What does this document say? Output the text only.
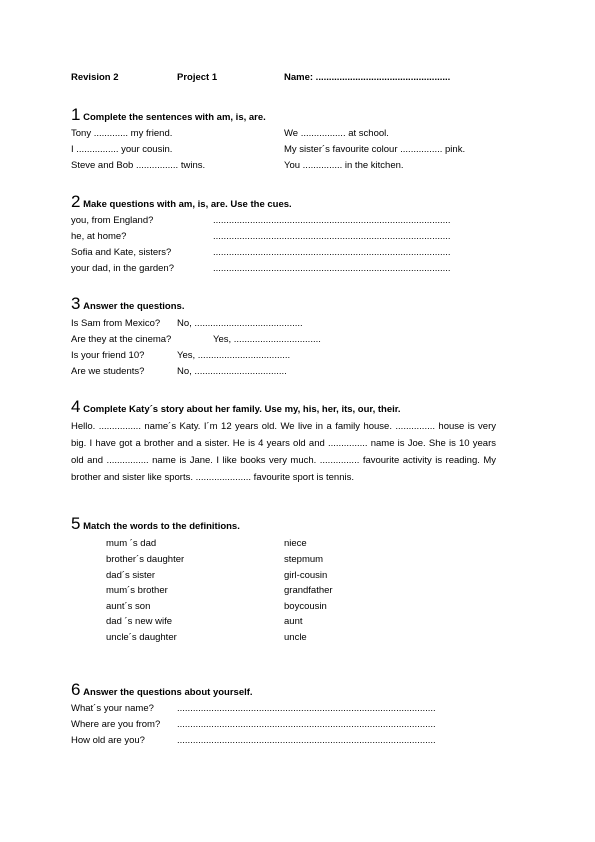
Revision 2	Project 1	Name: ...................................................
1 Complete the sentences with am, is, are.
Tony ............. my friend.
I ................ your cousin.
Steve and Bob ................ twins.
We ................. at school.
My sister´s favourite colour ................ pink.
You ............... in the kitchen.
2 Make questions with am, is, are. Use the cues.
you, from England?
he, at home?
Sofia and Kate, sisters?
your dad, in the garden?
..........................................................................................
..........................................................................................
..........................................................................................
..........................................................................................
3 Answer the questions.
Is Sam from Mexico?
Are they at the cinema?
Is your friend 10?
Are we students?
No, .........................................
Yes, .................................
Yes, ...................................
No, ...................................
4 Complete Katy´s story about her family. Use my, his, her, its, our, their.

Hello. ................ name´s Katy. I´m 12 years old. We live in a family house. ............... house is very big. I have got a brother and a sister. He is 4 years old and ............... name is Joe. She is 10 years old and ................ name is Jane. I like books very much. ............... favourite activity is reading. My brother and sister like sports. ..................... favourite sport is tennis.

5 Match the words to the definitions.
mum ´s dad
brother´s daughter
dad´s sister
mum´s brother
aunt´s son
dad ´s new wife
uncle´s daughter
niece
stepmum
girl-cousin
grandfather
boycousin
aunt
uncle
6 Answer the questions about yourself.
What´s your name?
Where are you from?
How old are you?
..................................................................................................
..................................................................................................
..................................................................................................
